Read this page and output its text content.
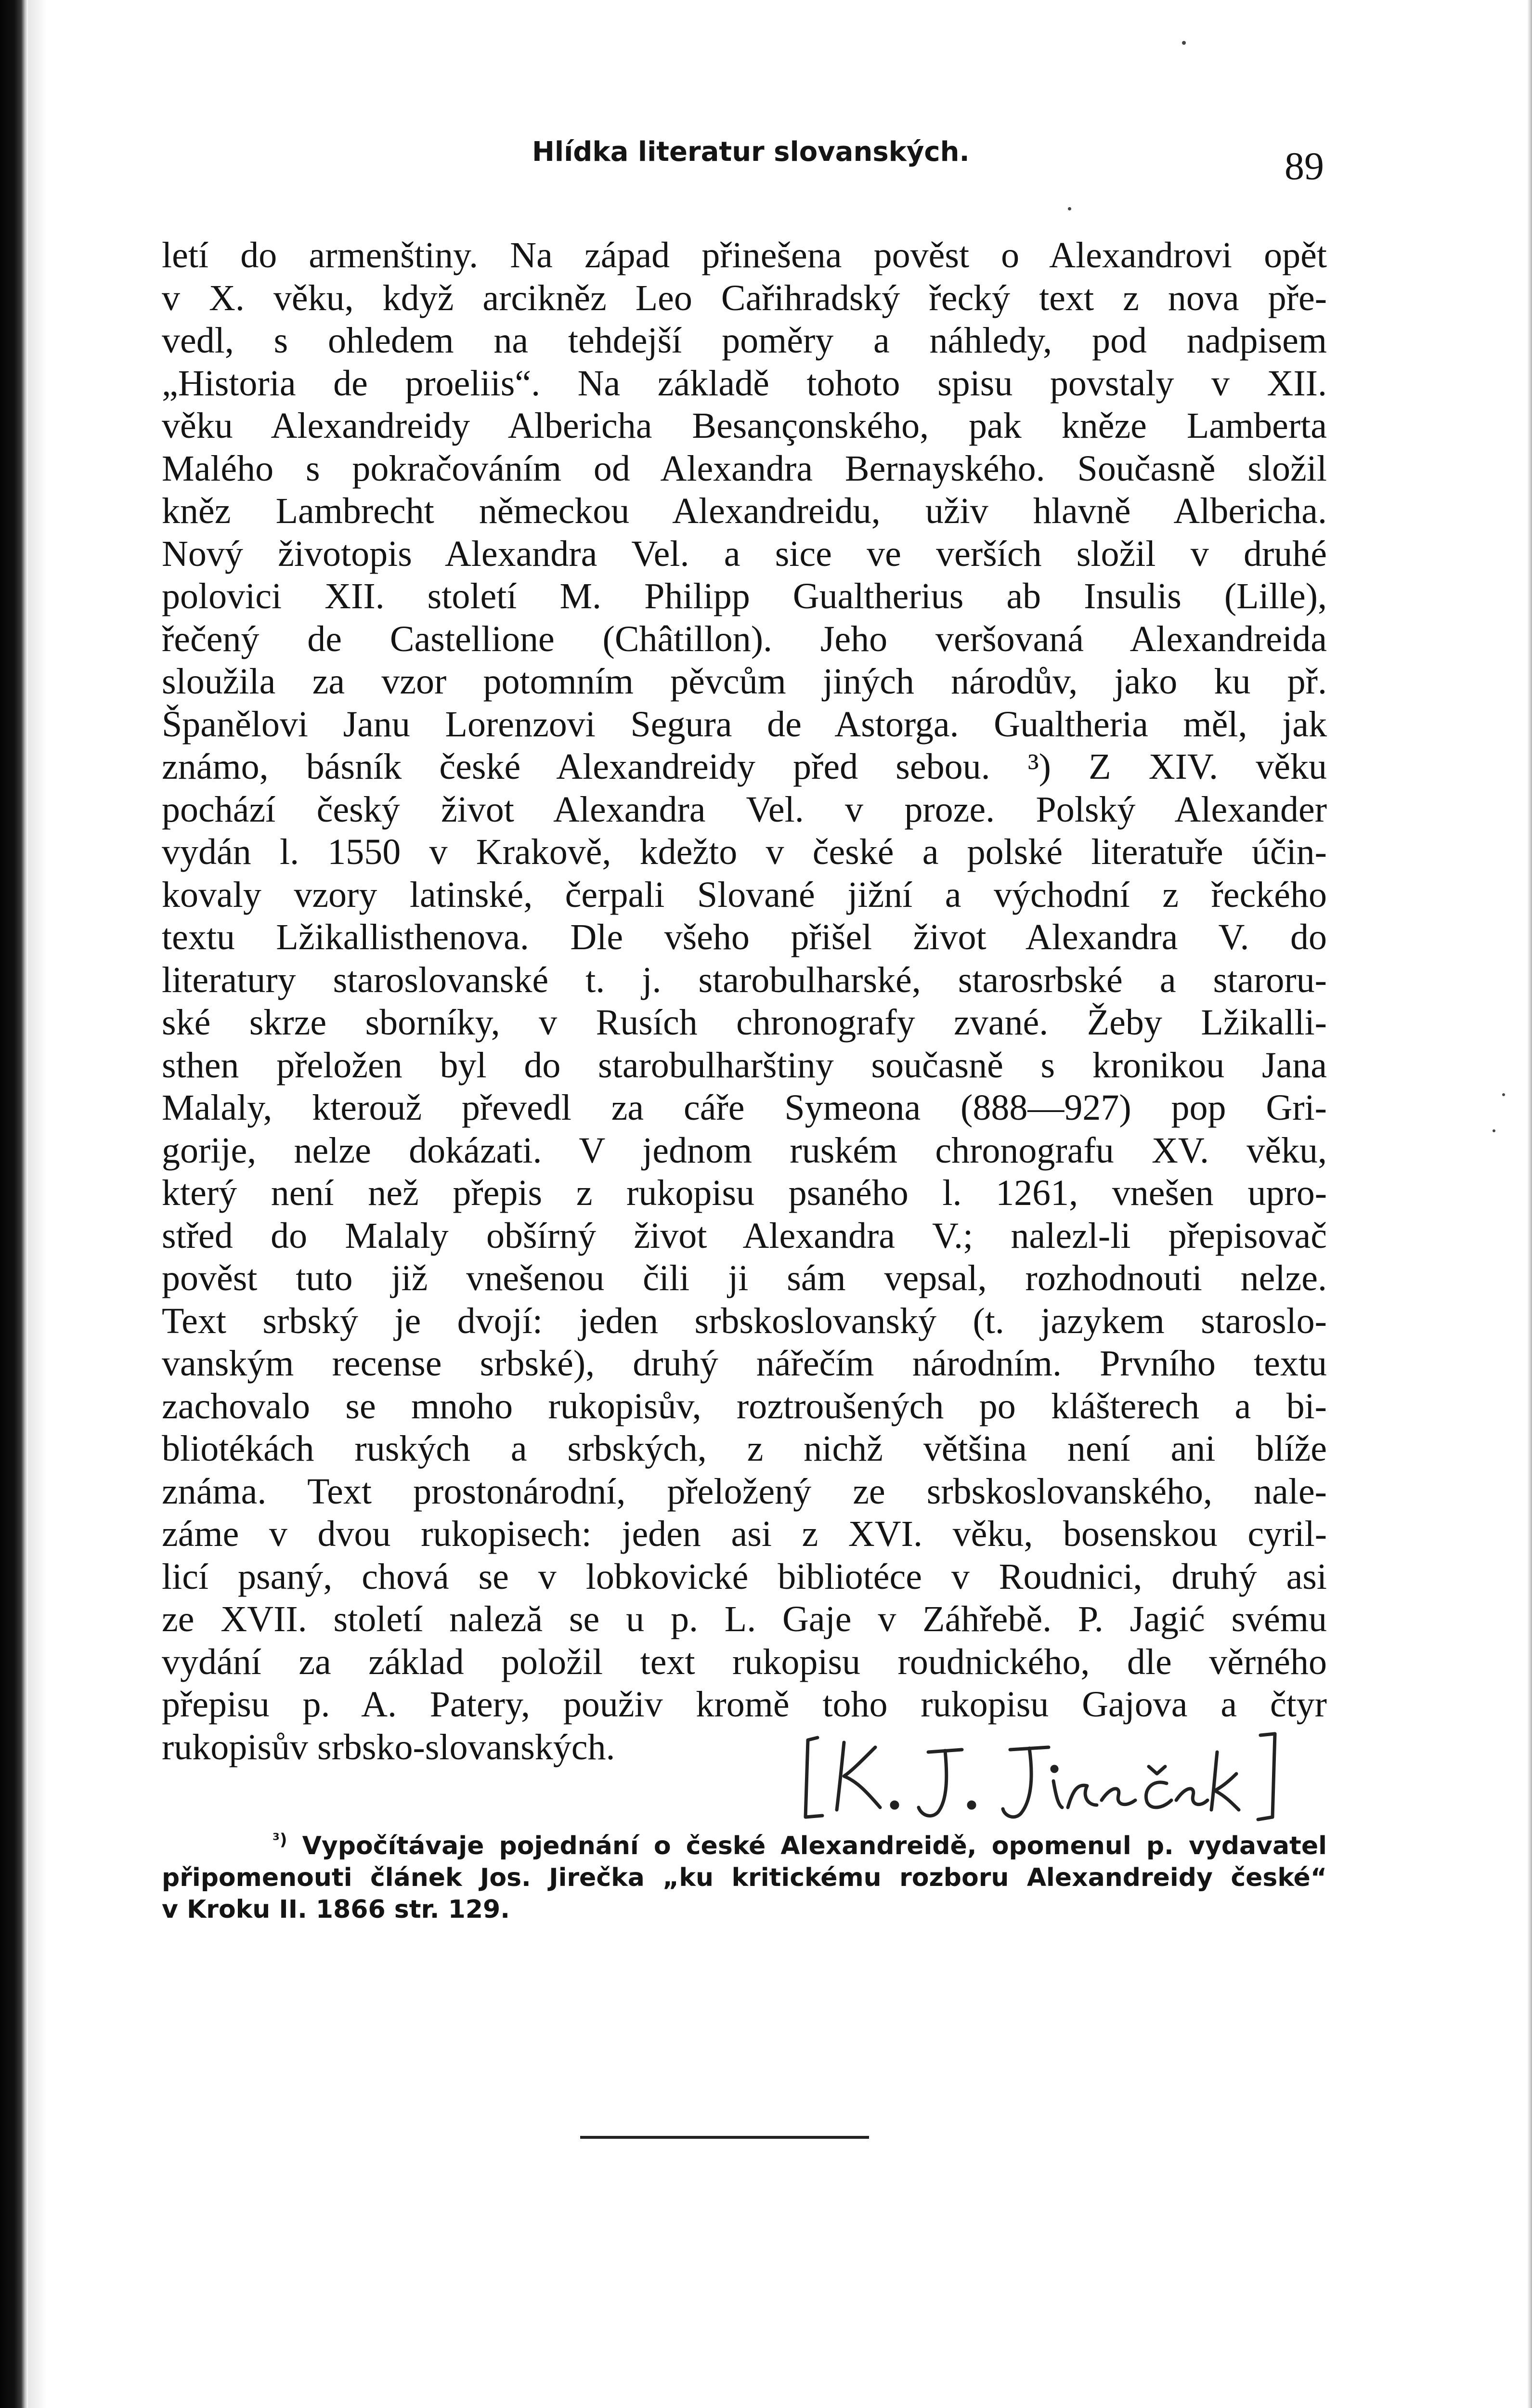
Hlídka literatur slovanských.	89
letí do armenštiny. Na západ přinešena pověst o Alexandrovi opět
v X. věku, když arcikněz Leo Cařihradský řecký text z nova pře-
vedl, s ohledem na tehdejší poměry a náhledy, pod nadpisem
„Historia de proeliis“. Na základě tohoto spisu povstaly v XII.
věku Alexandreidy Albericha Besançonského, pak kněze Lamberta
Malého s pokračováním od Alexandra Bernayského. Současně složil
kněz Lambrecht německou Alexandreidu, uživ hlavně Albericha.
Nový životopis Alexandra Vel. a sice ve verších složil v druhé
polovici XII. století M. Philipp Gualtherius ab Insulis (Lille),
řečený de Castellione (Châtillon). Jeho veršovaná Alexandreida
sloužila za vzor potomním pěvcům jiných národův, jako ku př.
Španělovi Janu Lorenzovi Segura de Astorga. Gualtheria měl, jak
známo, básník české Alexandreidy před sebou. ³) Z XIV. věku
pochází český život Alexandra Vel. v proze. Polský Alexander
vydán l. 1550 v Krakově, kdežto v české a polské literatuře účin-
kovaly vzory latinské, čerpali Slované jižní a východní z řeckého
textu Lžikallisthenova. Dle všeho přišel život Alexandra V. do
literatury staroslovanské t. j. starobulharské, starosrbské a staroru-
ské skrze sborníky, v Rusích chronografy zvané. Žeby Lžikalli-
sthen přeložen byl do starobulharštiny současně s kronikou Jana
Malaly, kterouž převedl za cáře Symeona (888—927) pop Gri-
gorije, nelze dokázati. V jednom ruském chronografu XV. věku,
který není než přepis z rukopisu psaného l. 1261, vnešen upro-
střed do Malaly obšírný život Alexandra V.; nalezl-li přepisovač
pověst tuto již vnešenou čili ji sám vepsal, rozhodnouti nelze.
Text srbský je dvojí: jeden srbskoslovanský (t. jazykem staroslo-
vanským recense srbské), druhý nářečím národním. Prvního textu
zachovalo se mnoho rukopisův, roztroušených po klášterech a bi-
bliotékách ruských a srbských, z nichž většina není ani blíže
známa. Text prostonárodní, přeložený ze srbskoslovanského, nale-
záme v dvou rukopisech: jeden asi z XVI. věku, bosenskou cyril-
licí psaný, chová se v lobkovické bibliotéce v Roudnici, druhý asi
ze XVII. století naleză se u p. L. Gaje v Záhřebě. P. Jagić svému
vydání za základ položil text rukopisu roudnického, dle věrného
přepisu p. A. Patery, použiv kromě toho rukopisu Gajova a čtyr
rukopisův srbsko-slovanských.
$^{^3)}$ Vypočítávaje pojednání o české Alexandreidě, opomenul p. vydavatel
připomenouti článek Jos. Jirečka „ku kritickému rozboru Alexandreidy české“
v Kroku II. 1866 str. 129.
